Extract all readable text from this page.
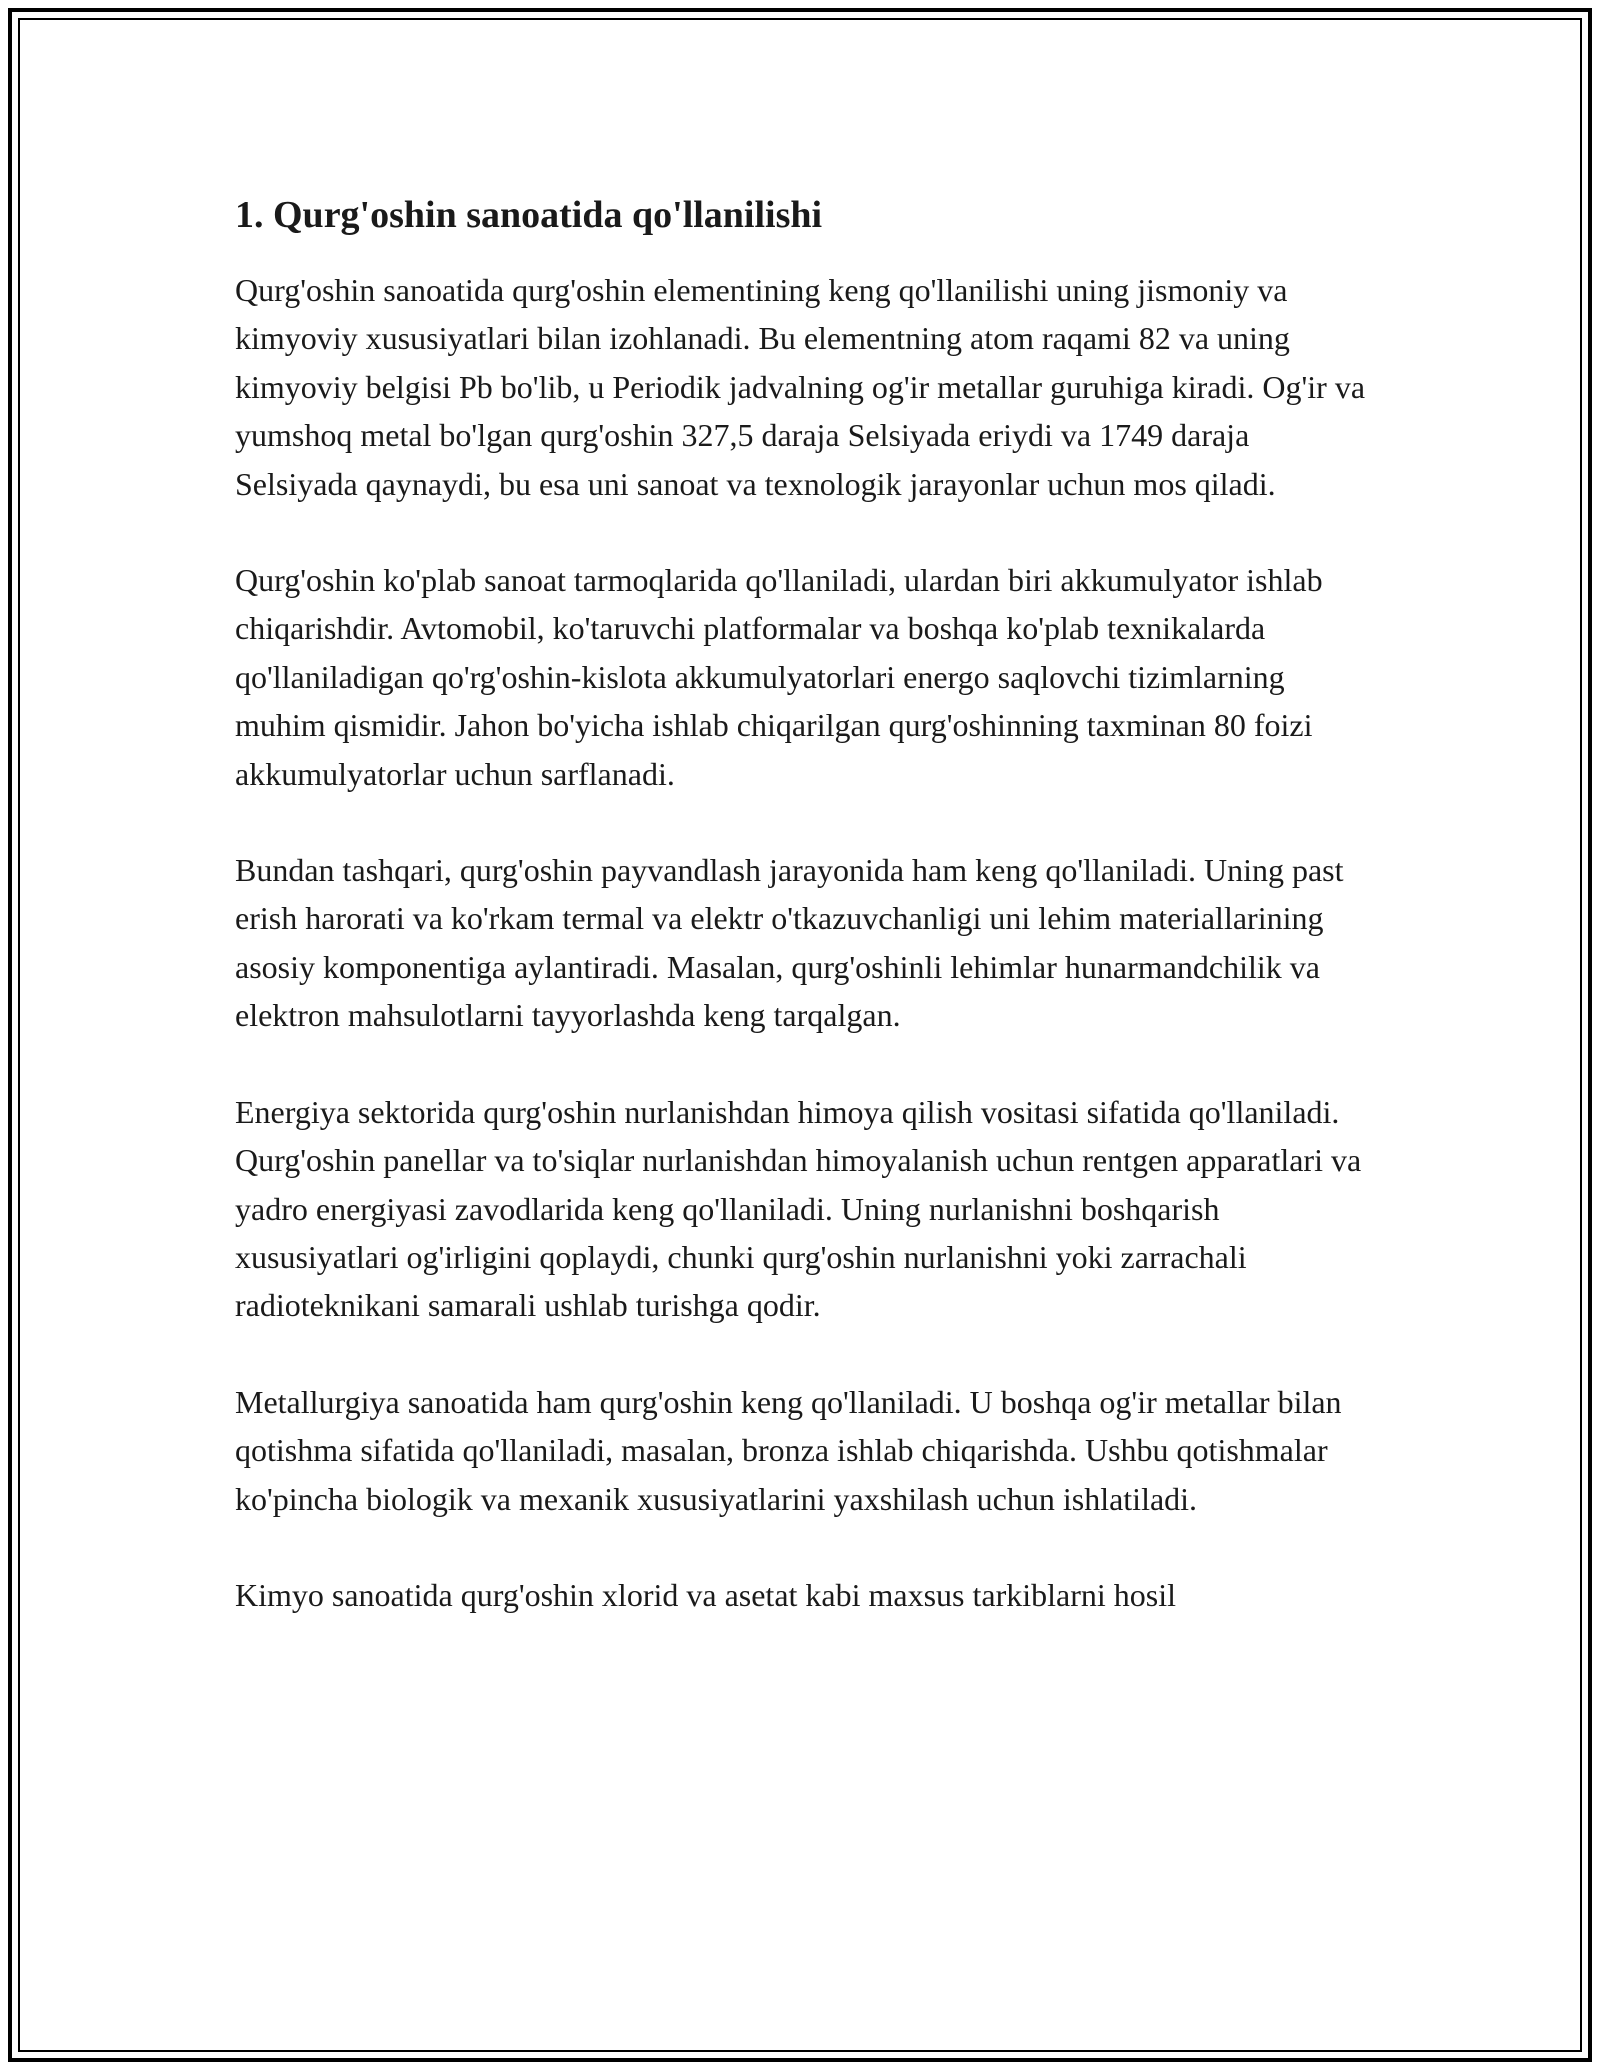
1. Qurg'oshin sanoatida qo'llanilishi

Qurg'oshin sanoatida qurg'oshin elementining keng qo'llanilishi uning jismoniy va kimyoviy xususiyatlari bilan izohlanadi. Bu elementning atom raqami 82 va uning kimyoviy belgisi Pb bo'lib, u Periodik jadvalning og'ir metallar guruhiga kiradi. Og'ir va yumshoq metal bo'lgan qurg'oshin 327,5 daraja Selsiyada eriydi va 1749 daraja Selsiyada qaynaydi, bu esa uni sanoat va texnologik jarayonlar uchun mos qiladi.

Qurg'oshin ko'plab sanoat tarmoqlarida qo'llaniladi, ulardan biri akkumulyator ishlab chiqarishdir. Avtomobil, ko'taruvchi platformalar va boshqa ko'plab texnikalarda qo'llaniladigan qo'rg'oshin-kislota akkumulyatorlari energo saqlovchi tizimlarning muhim qismidir. Jahon bo'yicha ishlab chiqarilgan qurg'oshinning taxminan 80 foizi akkumulyatorlar uchun sarflanadi.

Bundan tashqari, qurg'oshin payvandlash jarayonida ham keng qo'llaniladi. Uning past erish harorati va ko'rkam termal va elektr o'tkazuvchanligi uni lehim materiallarining asosiy komponentiga aylantiradi. Masalan, qurg'oshinli lehimlar hunarmandchilik va elektron mahsulotlarni tayyorlashda keng tarqalgan.

Energiya sektorida qurg'oshin nurlanishdan himoya qilish vositasi sifatida qo'llaniladi. Qurg'oshin panellar va to'siqlar nurlanishdan himoyalanish uchun rentgen apparatlari va yadro energiyasi zavodlarida keng qo'llaniladi. Uning nurlanishni boshqarish xususiyatlari og'irligini qoplaydi, chunki qurg'oshin nurlanishni yoki zarrachali radioteknikani samarali ushlab turishga qodir.

Metallurgiya sanoatida ham qurg'oshin keng qo'llaniladi. U boshqa og'ir metallar bilan qotishma sifatida qo'llaniladi, masalan, bronza ishlab chiqarishda. Ushbu qotishmalar ko'pincha biologik va mexanik xususiyatlarini yaxshilash uchun ishlatiladi.

Kimyo sanoatida qurg'oshin xlorid va asetat kabi maxsus tarkiblarni hosil
